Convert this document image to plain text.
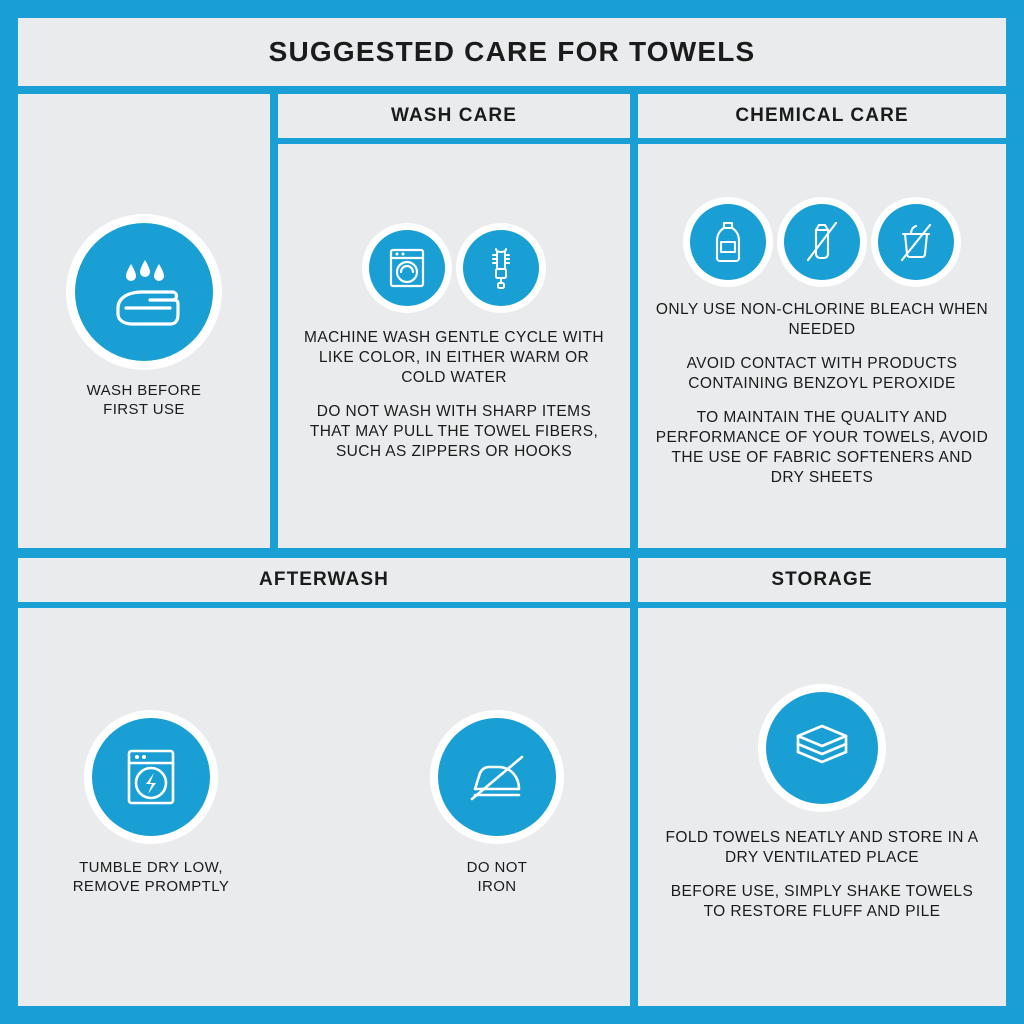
SUGGESTED CARE FOR TOWELS
WASH BEFORE
FIRST USE
WASH CARE

MACHINE WASH GENTLE CYCLE WITH LIKE COLOR, IN EITHER WARM OR COLD WATER

DO NOT WASH WITH SHARP ITEMS THAT MAY PULL THE TOWEL FIBERS, SUCH AS ZIPPERS OR HOOKS

CHEMICAL CARE

ONLY USE NON-CHLORINE BLEACH WHEN NEEDED

AVOID CONTACT WITH PRODUCTS CONTAINING BENZOYL PEROXIDE

TO MAINTAIN THE QUALITY AND PERFORMANCE OF YOUR TOWELS, AVOID THE USE OF FABRIC SOFTENERS AND DRY SHEETS

AFTERWASH
TUMBLE DRY LOW,
REMOVE PROMPTLY
DO NOT
IRON
STORAGE

FOLD TOWELS NEATLY AND STORE IN A DRY VENTILATED PLACE

BEFORE USE, SIMPLY SHAKE TOWELS TO RESTORE FLUFF AND PILE
